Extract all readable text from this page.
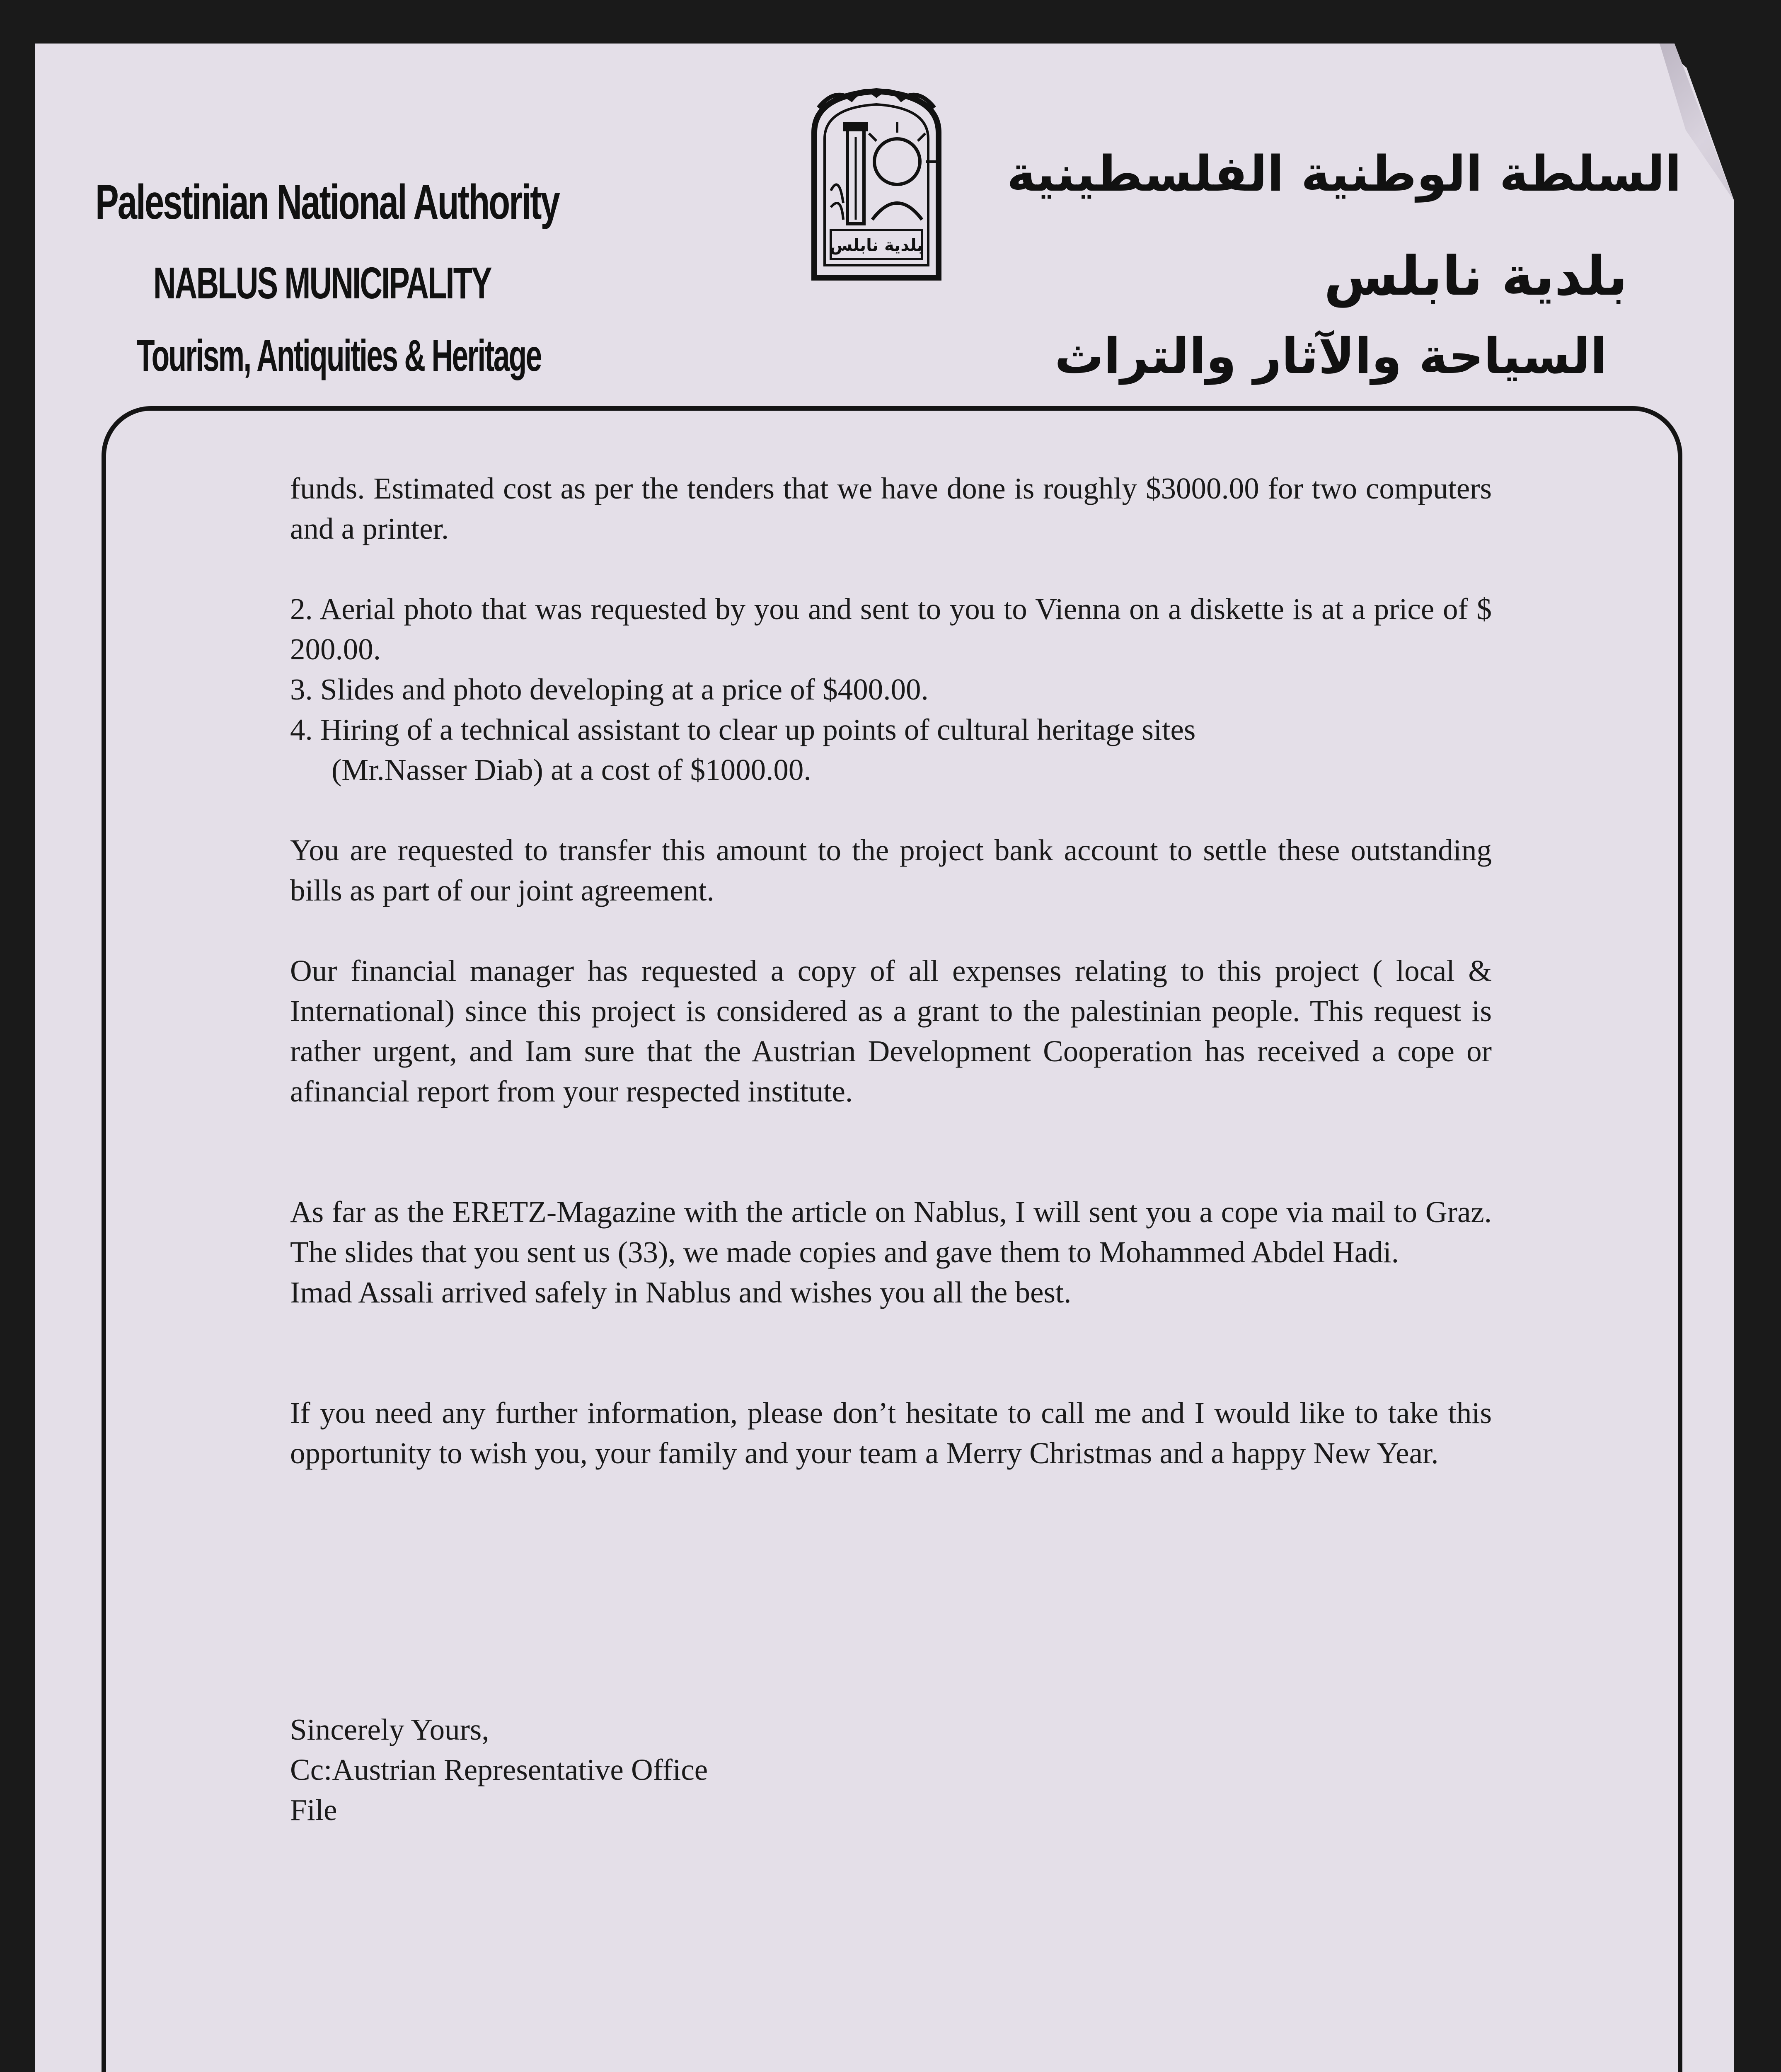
Palestinian National Authority
NABLUS MUNICIPALITY
Tourism, Antiquities & Heritage
السلطة الوطنية الفلسطينية
بلدية نابلس
السياحة والآثار والتراث
بلدية نابلس

funds. Estimated cost as per the tenders that we have done is roughly $3000.00 for two computers and a printer.

2. Aerial photo that was requested by you and sent to you to Vienna on a diskette is at a price of $ 200.00.

3. Slides and photo developing at a price of $400.00.

4. Hiring of a technical assistant to clear up points of cultural heritage sites

(Mr.Nasser Diab) at a cost of $1000.00.

You are requested to transfer this amount to the project bank account to settle these outstanding bills as part of our joint agreement.

Our financial manager has requested a copy of all expenses relating to this project ( local & International) since this project is considered as a grant to the palestinian people. This request is rather urgent, and Iam sure that the Austrian Development Cooperation has received a cope or afinancial report from your respected institute.

As far as the ERETZ-Magazine with the article on Nablus, I will sent you a cope via mail to Graz. The slides that you sent us (33), we made copies and gave them to Mohammed Abdel Hadi.

Imad Assali arrived safely in Nablus and wishes you all the best.

If you need any further information, please don’t hesitate to call me and I would like to take this opportunity to wish you, your family and your team a Merry Christmas and a happy New Year.

Sincerely Yours,

Cc:Austrian Representative Office

File
